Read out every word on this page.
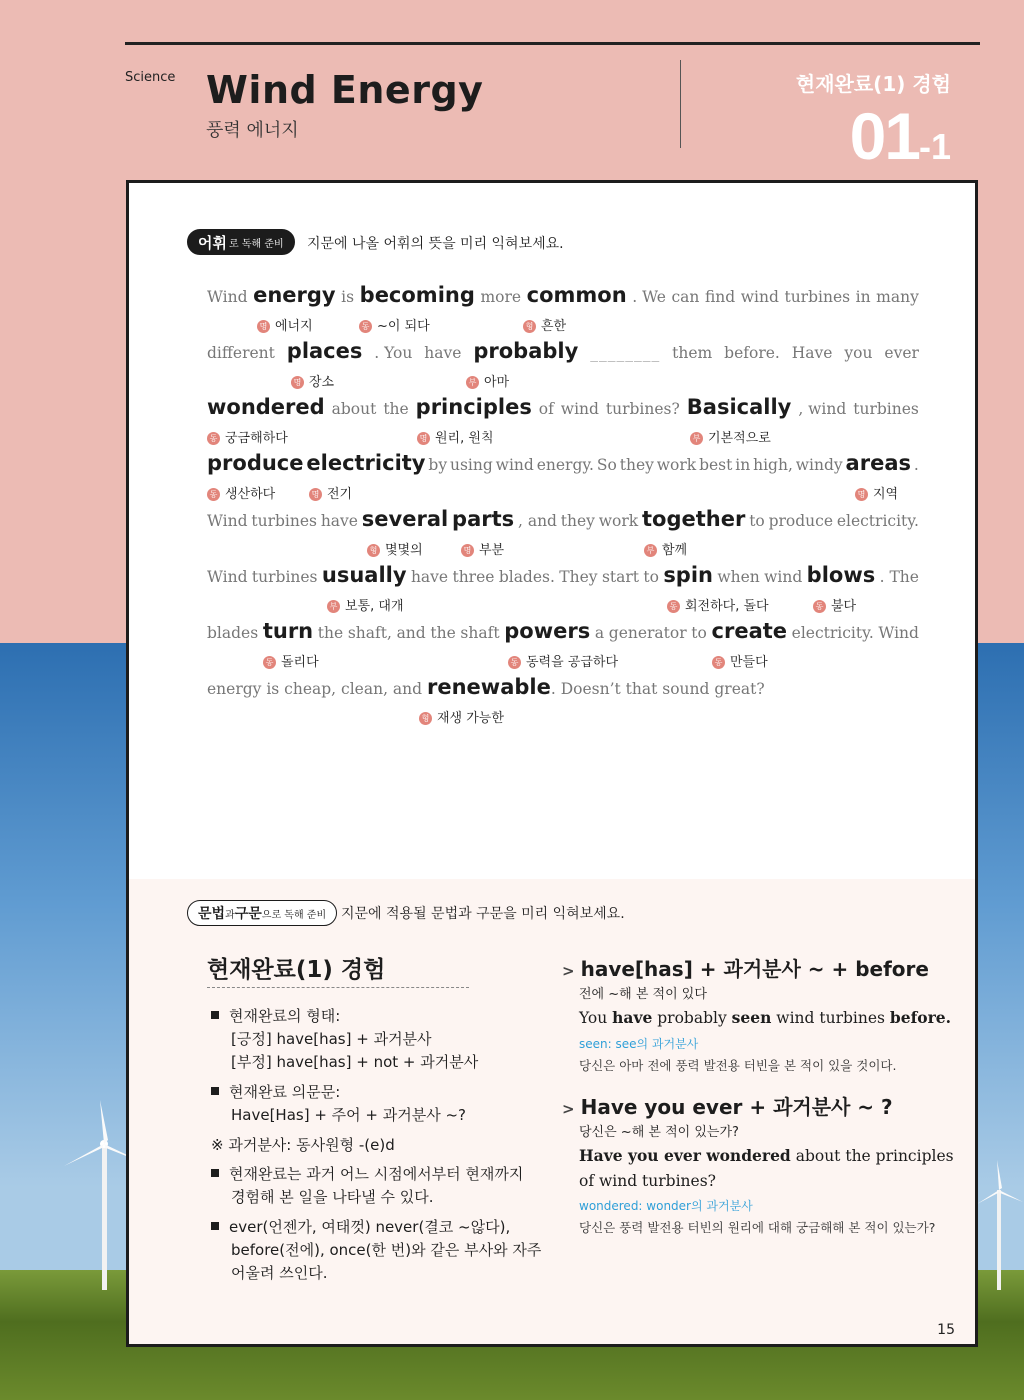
Science Wind Energy
풍력 에너지
현재완료(1) 경험
01-1
어휘 로 독해 준비 지문에 나올 어휘의 뜻을 미리 익혀보세요.
Wind energy is becoming more common . We can find wind turbines in many
명 에너지	동 ~이 되다	형 흔한
different places . You have probably ________ them before. Have you ever
명 장소	부 아마
wondered about the principles of wind turbines? Basically , wind turbines
동 궁금해하다	명 원리, 원칙	부 기본적으로
produce electricity by using wind energy. So they work best in high, windy areas .
동 생산하다	명 전기	명 지역
Wind turbines have several parts , and they work together to produce electricity.
형 몇몇의	명 부분	부 함께
Wind turbines usually have three blades. They start to spin when wind blows . The
부 보통, 대개	동 회전하다, 돌다	동 불다
blades turn the shaft, and the shaft powers a generator to create electricity. Wind
동 돌리다	동 동력을 공급하다	동 만들다
energy is cheap, clean, and renewable . Doesn’t that sound great?
형 재생 가능한
문법 과 구문 으로 독해 준비 지문에 적용될 문법과 구문을 미리 익혀보세요.
현재완료(1) 경험
현재완료의 형태:
[긍정] have[has] + 과거분사
[부정] have[has] + not + 과거분사
현재완료 의문문:
Have[Has] + 주어 + 과거분사 ~?
※ 과거분사: 동사원형 -(e)d
현재완료는 과거 어느 시점에서부터 현재까지
경험해 본 일을 나타낼 수 있다.
ever(언젠가, 여태껏) never(결코 ~않다),
before(전에), once(한 번)와 같은 부사와 자주
어울려 쓰인다.
> have[has] + 과거분사 ~ + before
전에 ~해 본 적이 있다
You have probably seen wind turbines before.
seen: see의 과거분사
당신은 아마 전에 풍력 발전용 터빈을 본 적이 있을 것이다.
> Have you ever + 과거분사 ~ ?
당신은 ~해 본 적이 있는가?
Have you ever wondered about the principles of wind turbines?
wondered: wonder의 과거분사
당신은 풍력 발전용 터빈의 원리에 대해 궁금해해 본 적이 있는가?
15
